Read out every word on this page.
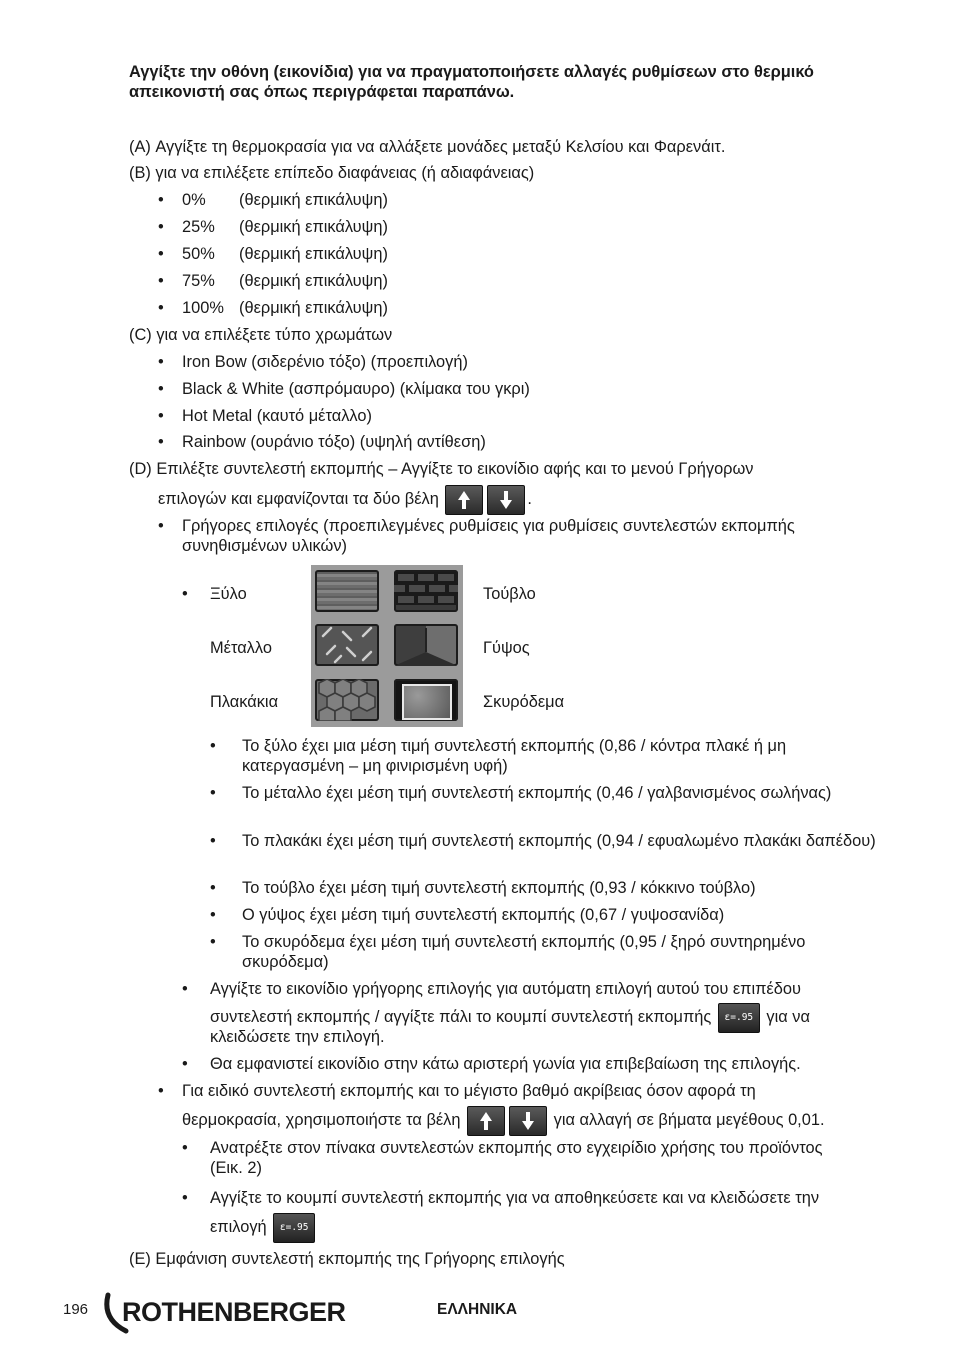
Αγγίξτε την οθόνη (εικονίδια) για να πραγματοποιήσετε αλλαγές ρυθμίσεων στο θερμικό απεικονιστή σας όπως περιγράφεται παραπάνω.
(A) Αγγίξτε τη θερμοκρασία για να αλλάξετε μονάδες μεταξύ Κελσίου και Φαρενάιτ.
(B) για να επιλέξετε επίπεδο διαφάνειας (ή αδιαφάνειας)
• 0% (θερμική επικάλυψη)
• 25% (θερμική επικάλυψη)
• 50% (θερμική επικάλυψη)
• 75% (θερμική επικάλυψη)
• 100% (θερμική επικάλυψη)
(C) για να επιλέξετε τύπο χρωμάτων
• Iron Bow (σιδερένιο τόξο) (προεπιλογή)
• Black & White (ασπρόμαυρο) (κλίμακα του γκρι)
• Hot Metal (καυτό μέταλλο)
• Rainbow (ουράνιο τόξο) (υψηλή αντίθεση)
(D) Επιλέξτε συντελεστή εκπομπής – Αγγίξτε το εικονίδιο αφής και το μενού Γρήγορων
επιλογών και εμφανίζονται τα δύο βέλη	.
• Γρήγορες επιλογές (προεπιλεγμένες ρυθμίσεις για ρυθμίσεις συντελεστών εκπομπής συνηθισμένων υλικών)
• Ξύλο	Τούβλο
Μέταλλο	Γύψος
Πλακάκια	Σκυρόδεμα
• Το ξύλο έχει μια μέση τιμή συντελεστή εκπομπής (0,86 / κόντρα πλακέ ή μη κατεργασμένη – μη φινιρισμένη υφή)
• Το μέταλλο έχει μέση τιμή συντελεστή εκπομπής (0,46 / γαλβανισμένος σωλήνας)
• Το πλακάκι έχει μέση τιμή συντελεστή εκπομπής (0,94 / εφυαλωμένο πλακάκι δαπέδου)
• Το τούβλο έχει μέση τιμή συντελεστή εκπομπής (0,93 / κόκκινο τούβλο)
• Ο γύψος έχει μέση τιμή συντελεστή εκπομπής (0,67 / γυψοσανίδα)
• Το σκυρόδεμα έχει μέση τιμή συντελεστή εκπομπής (0,95 / ξηρό συντηρημένο σκυρόδεμα)
• Αγγίξτε το εικονίδιο γρήγορης επιλογής για αυτόματη επιλογή αυτού του επιπέδου
συντελεστή εκπομπής / αγγίξτε πάλι το κουμπί συντελεστή εκπομπής ε=.95 για να
κλειδώσετε την επιλογή.
• Θα εμφανιστεί εικονίδιο στην κάτω αριστερή γωνία για επιβεβαίωση της επιλογής.
• Για ειδικό συντελεστή εκπομπής και το μέγιστο βαθμό ακρίβειας όσον αφορά τη
θερμοκρασία, χρησιμοποιήστε τα βέλη	για αλλαγή σε βήματα μεγέθους 0,01.
• Ανατρέξτε στον πίνακα συντελεστών εκπομπής στο εγχειρίδιο χρήσης του προϊόντος (Εικ. 2)
• Αγγίξτε το κουμπί συντελεστή εκπομπής για να αποθηκεύσετε και να κλειδώσετε την
επιλογή ε=.95
(E) Εμφάνιση συντελεστή εκπομπής της Γρήγορης επιλογής
196 ROTHENBERGER	ΕΛΛΗΝΙΚΑ
